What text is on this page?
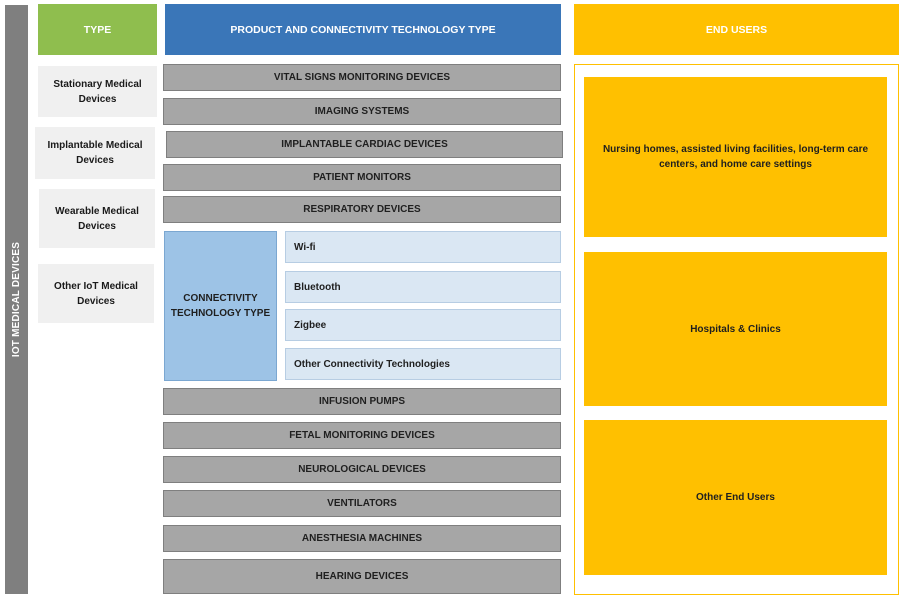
IOT MEDICAL DEVICES
TYPE	PRODUCT AND CONNECTIVITY TECHNOLOGY TYPE	END USERS
Stationary Medical Devices
Implantable Medical Devices
Wearable Medical Devices
Other IoT Medical Devices
VITAL SIGNS MONITORING DEVICES
IMAGING SYSTEMS
IMPLANTABLE CARDIAC DEVICES
PATIENT MONITORS
RESPIRATORY DEVICES
CONNECTIVITY TECHNOLOGY TYPE
Wi-fi
Bluetooth
Zigbee
Other Connectivity Technologies
INFUSION PUMPS
FETAL MONITORING DEVICES
NEUROLOGICAL DEVICES
VENTILATORS
ANESTHESIA MACHINES
HEARING DEVICES
Nursing homes, assisted living facilities, long-term care centers, and home care settings
Hospitals & Clinics
Other End Users
